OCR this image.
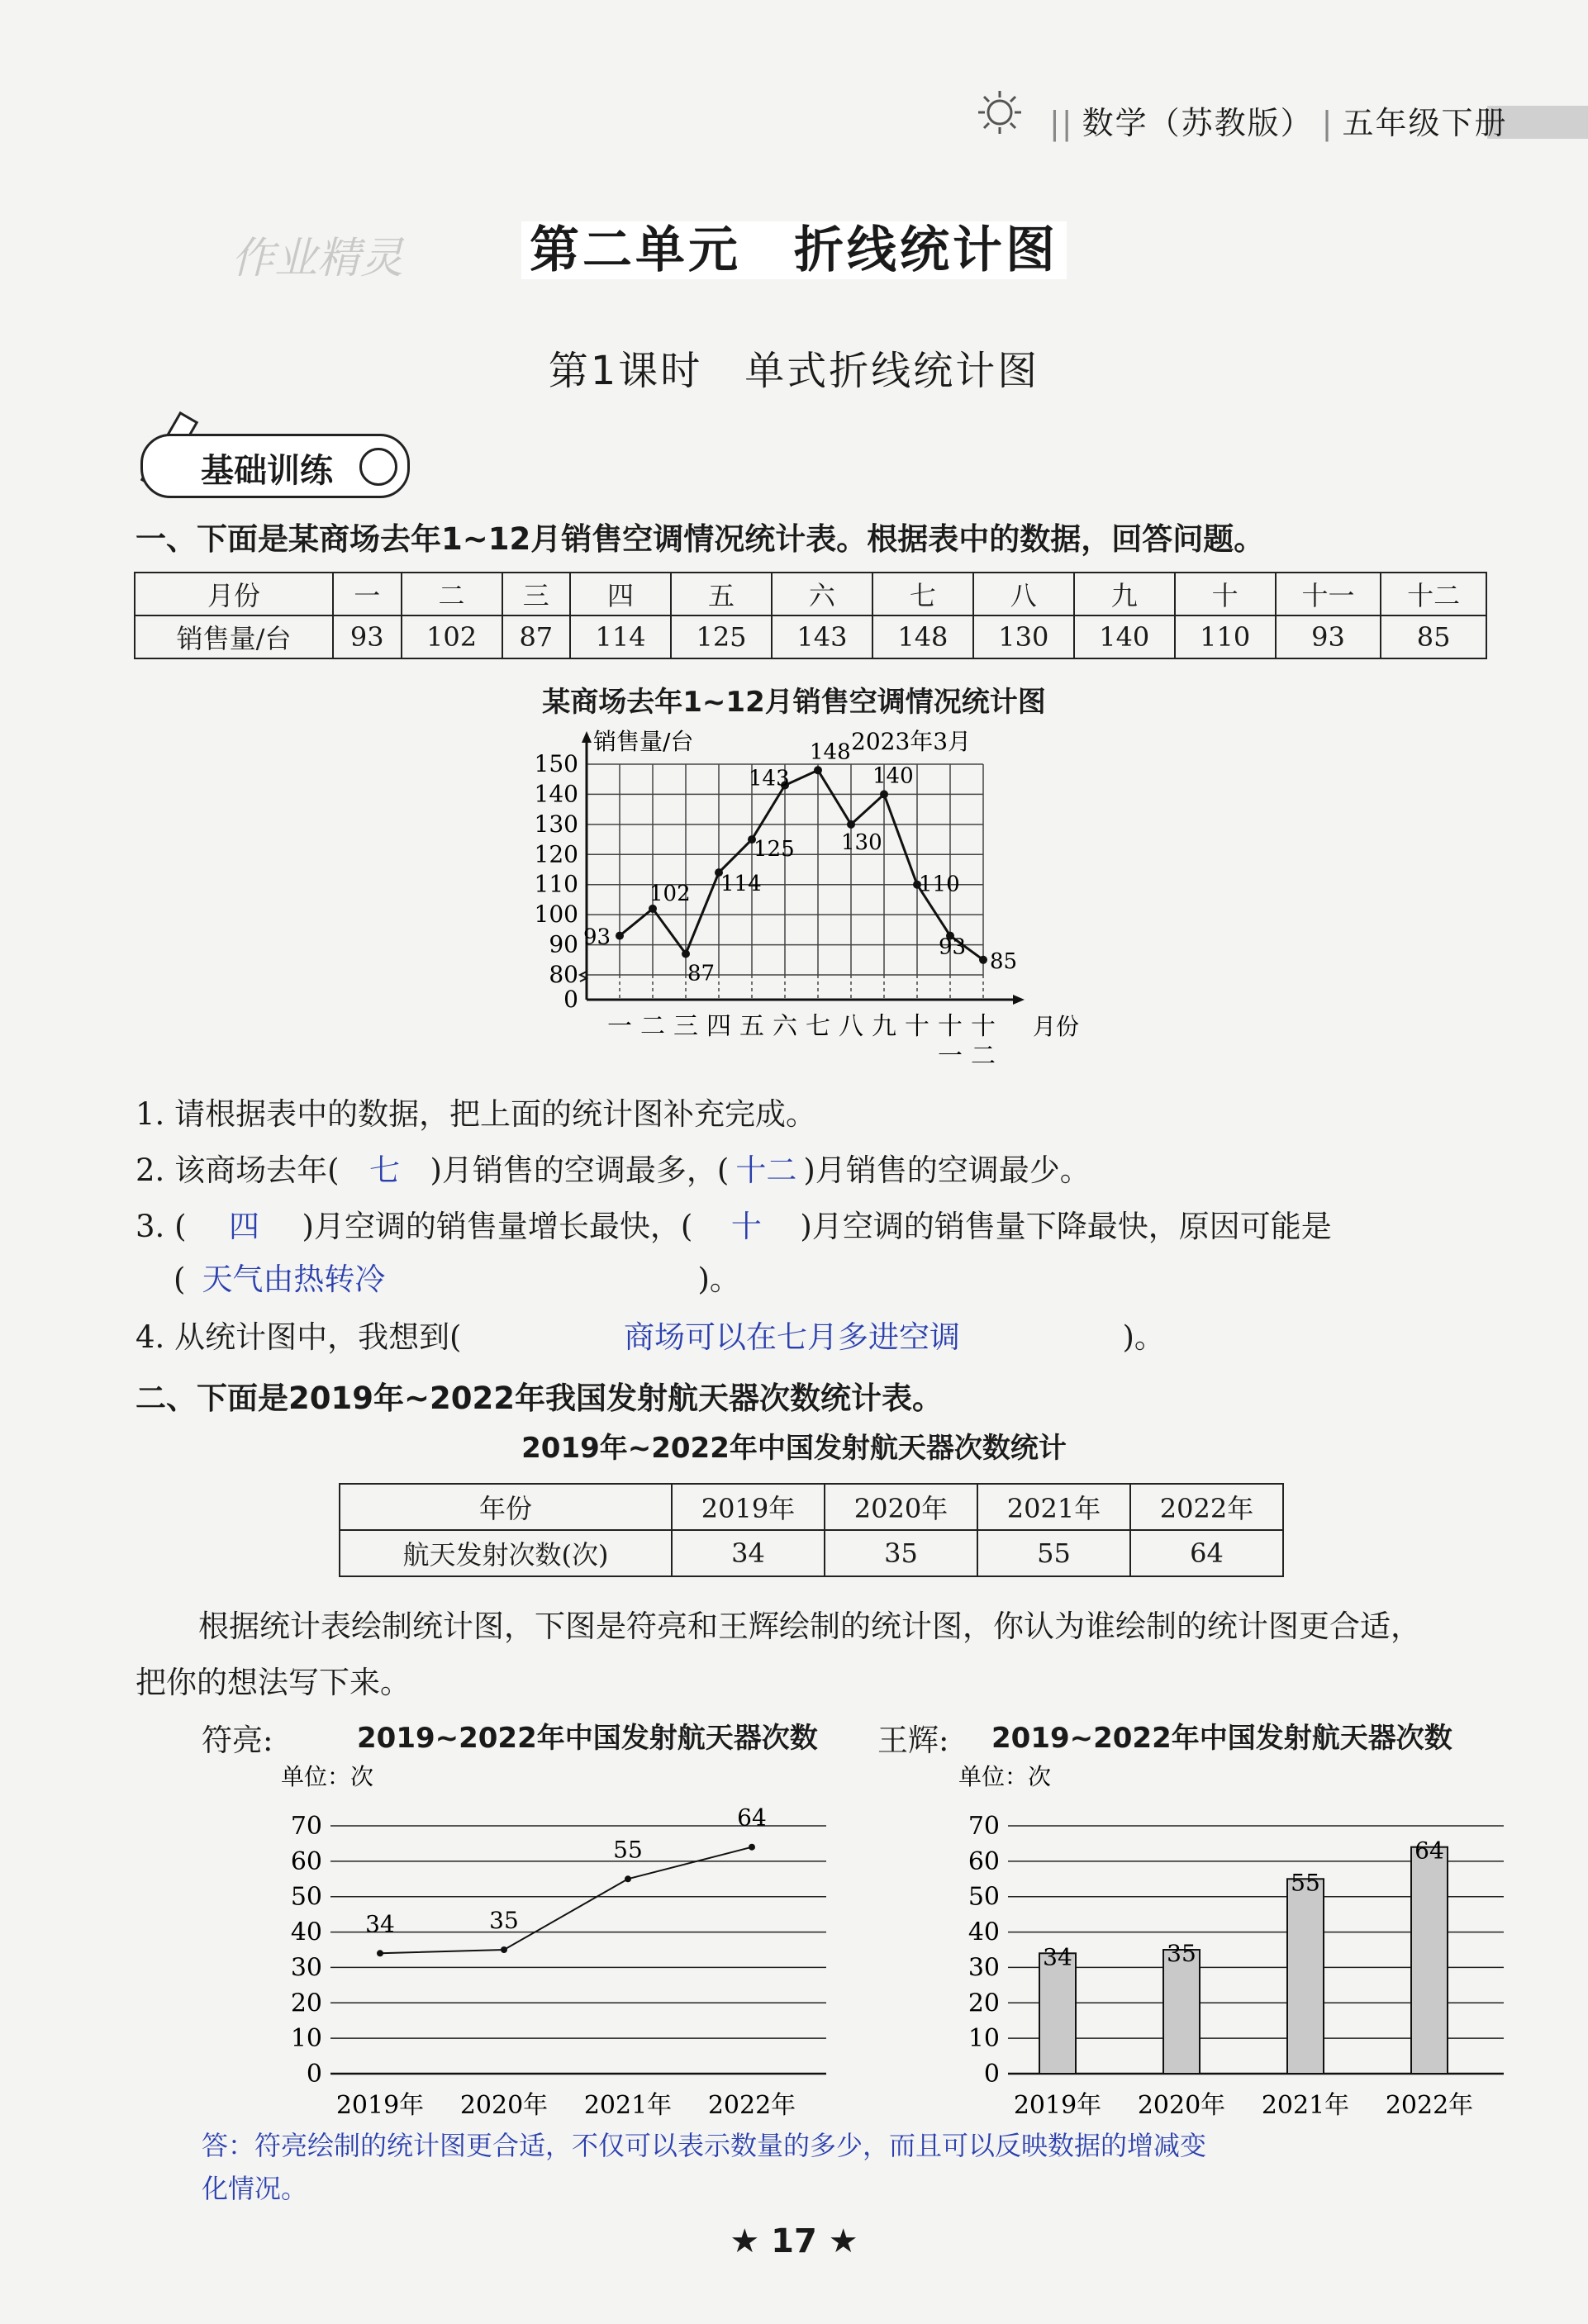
|| 数学（苏教版） | 五年级下册
作业精灵	第二单元　折线统计图
第1课时　单式折线统计图
基础训练
一、下面是某商场去年1~12月销售空调情况统计表。根据表中的数据，回答问题。
月份	一	二	三	四	五	六	七	八	九	十	十一	十二
销售量/台	93	102	87	114	125	143	148	130	140	110	93	85
某商场去年1~12月销售空调情况统计图
0
80
90
100
110
120
130
140
150
销售量/台	2023年3月
一 二 三 四 五 六 七 八 九 十 十
一
十
二
月份
93
102
87
114
125
143
148
130
140
110
93
85
1. 请根据表中的数据，把上面的统计图补充完成。
2. 该商场去年( 七 )月销售的空调最多，( 十二 )月销售的空调最少。
3. ( 四 )月空调的销售量增长最快，( 十 )月空调的销售量下降最快，原因可能是
( 天气由热转冷	)。
4. 从统计图中，我想到(	商场可以在七月多进空调	)。
二、下面是2019年~2022年我国发射航天器次数统计表。
2019年~2022年中国发射航天器次数统计
年份	2019年	2020年	2021年	2022年
航天发射次数(次)	34	35	55	64
根据统计表绘制统计图，下图是符亮和王辉绘制的统计图，你认为谁绘制的统计图更合适，
把你的想法写下来。
符亮:	2019~2022年中国发射航天器次数 王辉: 2019~2022年中国发射航天器次数
单位：次
0
10
20
30
40
50
60
70
2019年 2020年 2021年 2022年
34	35
55
64
单位：次
0
10
20
30
40
50
60
70
2019年 2020年 2021年 2022年
34	35
55
64
答：符亮绘制的统计图更合适，不仅可以表示数量的多少，而且可以反映数据的增减变
化情况。
★ 17 ★
